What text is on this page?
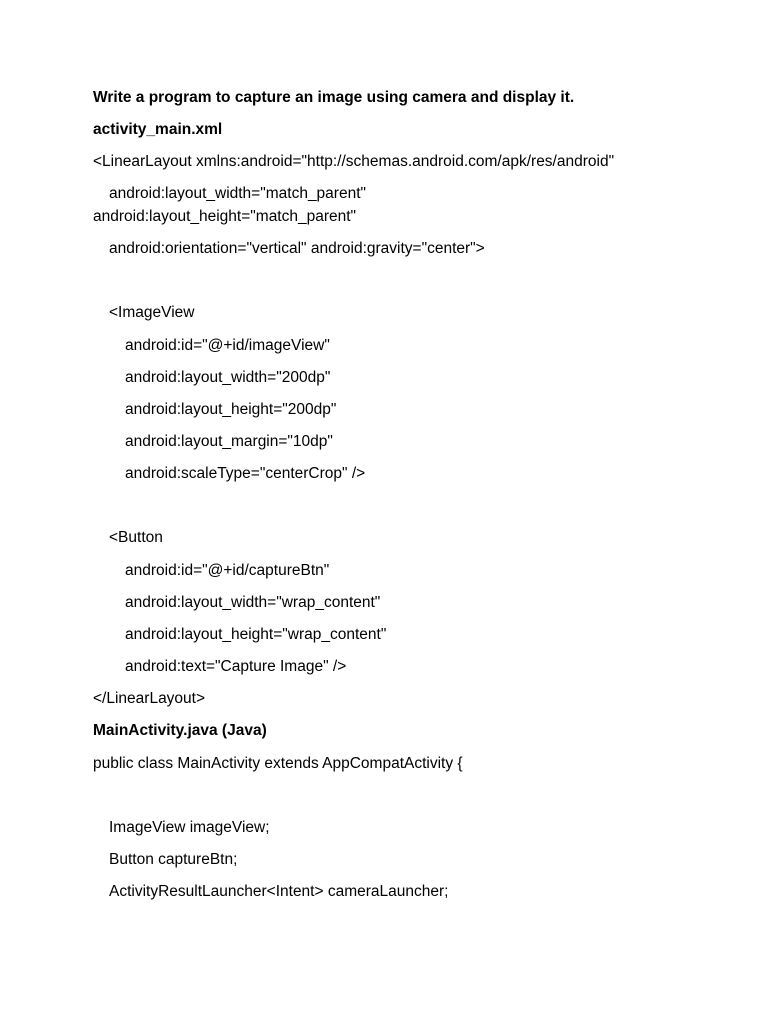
Write a program to capture an image using camera and display it.
activity_main.xml
<LinearLayout xmlns:android="http://schemas.android.com/apk/res/android"
android:layout_width="match_parent"
android:layout_height="match_parent"
android:orientation="vertical" android:gravity="center">
<ImageView
android:id="@+id/imageView"
android:layout_width="200dp"
android:layout_height="200dp"
android:layout_margin="10dp"
android:scaleType="centerCrop" />
<Button
android:id="@+id/captureBtn"
android:layout_width="wrap_content"
android:layout_height="wrap_content"
android:text="Capture Image" />
</LinearLayout>
MainActivity.java (Java)
public class MainActivity extends AppCompatActivity {
ImageView imageView;
Button captureBtn;
ActivityResultLauncher<Intent> cameraLauncher;
